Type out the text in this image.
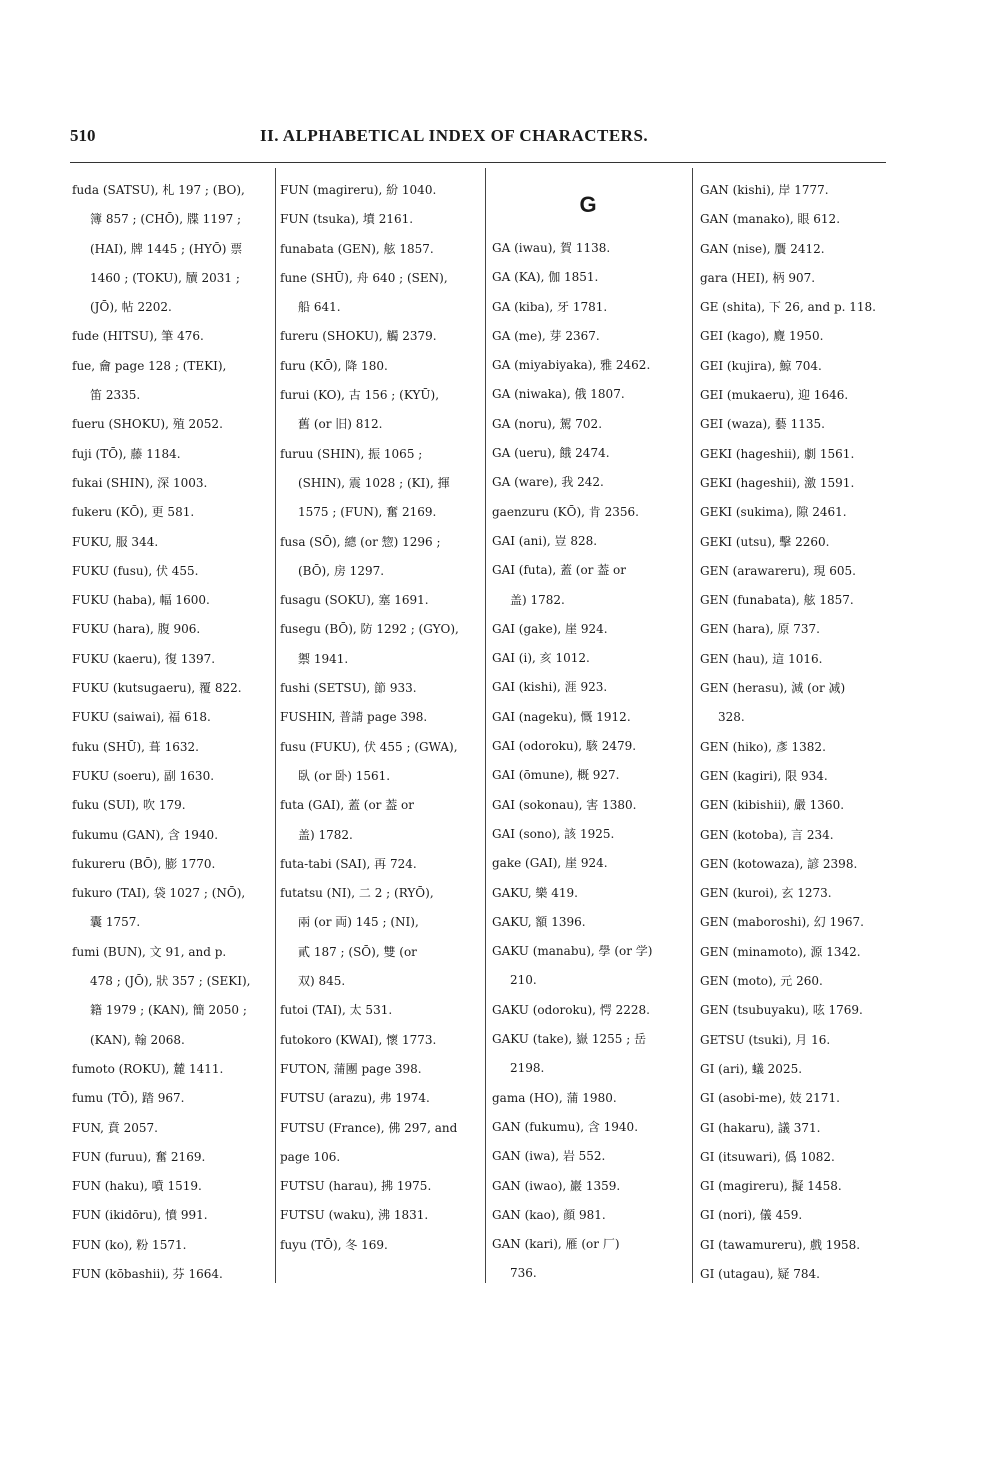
510	II. ALPHABETICAL INDEX OF CHARACTERS.
fuda (SATSU), 札 197 ; (BO),
簿 857 ; (CHŌ), 牒 1197 ;
(HAI), 牌 1445 ; (HYŌ) 票
1460 ; (TOKU), 牘 2031 ;
(JŌ), 帖 2202.
fude (HITSU), 筆 476.
fue, 龠 page 128 ; (TEKI),
笛 2335.
fueru (SHOKU), 殖 2052.
fuji (TŌ), 藤 1184.
fukai (SHIN), 深 1003.
fukeru (KŌ), 更 581.
FUKU, 服 344.
FUKU (fusu), 伏 455.
FUKU (haba), 幅 1600.
FUKU (hara), 腹 906.
FUKU (kaeru), 復 1397.
FUKU (kutsugaeru), 覆 822.
FUKU (saiwai), 福 618.
fuku (SHŪ), 葺 1632.
FUKU (soeru), 副 1630.
fuku (SUI), 吹 179.
fukumu (GAN), 含 1940.
fukureru (BŌ), 膨 1770.
fukuro (TAI), 袋 1027 ; (NŌ),
囊 1757.
fumi (BUN), 文 91, and p.
478 ; (JŌ), 狀 357 ; (SEKI),
籍 1979 ; (KAN), 簡 2050 ;
(KAN), 翰 2068.
fumoto (ROKU), 麓 1411.
fumu (TŌ), 踏 967.
FUN, 賁 2057.
FUN (furuu), 奮 2169.
FUN (haku), 噴 1519.
FUN (ikidōru), 憤 991.
FUN (ko), 粉 1571.
FUN (kōbashii), 芬 1664.
FUN (magireru), 紛 1040.
FUN (tsuka), 墳 2161.
funabata (GEN), 舷 1857.
fune (SHŪ), 舟 640 ; (SEN),
船 641.
fureru (SHOKU), 觸 2379.
furu (KŌ), 降 180.
furui (KO), 古 156 ; (KYŪ),
舊 (or 旧) 812.
furuu (SHIN), 振 1065 ;
(SHIN), 震 1028 ; (KI), 揮
1575 ; (FUN), 奮 2169.
fusa (SŌ), 總 (or 惣) 1296 ;
(BŌ), 房 1297.
fusagu (SOKU), 塞 1691.
fusegu (BŌ), 防 1292 ; (GYO),
禦 1941.
fushi (SETSU), 節 933.
FUSHIN, 普請 page 398.
fusu (FUKU), 伏 455 ; (GWA),
臥 (or 卧) 1561.
futa (GAI), 蓋 (or 葢 or
盖) 1782.
futa-tabi (SAI), 再 724.
futatsu (NI), 二 2 ; (RYŌ),
兩 (or 両) 145 ; (NI),
貳 187 ; (SŌ), 雙 (or
双) 845.
futoi (TAI), 太 531.
futokoro (KWAI), 懷 1773.
FUTON, 蒲團 page 398.
FUTSU (arazu), 弗 1974.
FUTSU (France), 佛 297, and
page 106.
FUTSU (harau), 拂 1975.
FUTSU (waku), 沸 1831.
fuyu (TŌ), 冬 169.
G
GA (iwau), 賀 1138.
GA (KA), 伽 1851.
GA (kiba), 牙 1781.
GA (me), 芽 2367.
GA (miyabiyaka), 雅 2462.
GA (niwaka), 俄 1807.
GA (noru), 駕 702.
GA (ueru), 餓 2474.
GA (ware), 我 242.
gaenzuru (KŌ), 肯 2356.
GAI (ani), 豈 828.
GAI (futa), 蓋 (or 葢 or
盖) 1782.
GAI (gake), 崖 924.
GAI (i), 亥 1012.
GAI (kishi), 涯 923.
GAI (nageku), 慨 1912.
GAI (odoroku), 駭 2479.
GAI (ōmune), 概 927.
GAI (sokonau), 害 1380.
GAI (sono), 該 1925.
gake (GAI), 崖 924.
GAKU, 樂 419.
GAKU, 額 1396.
GAKU (manabu), 學 (or 学)
210.
GAKU (odoroku), 愕 2228.
GAKU (take), 嶽 1255 ; 岳
2198.
gama (HO), 蒲 1980.
GAN (fukumu), 含 1940.
GAN (iwa), 岩 552.
GAN (iwao), 巖 1359.
GAN (kao), 顔 981.
GAN (kari), 雁 (or 厂)
736.
GAN (kishi), 岸 1777.
GAN (manako), 眼 612.
GAN (nise), 贋 2412.
gara (HEI), 柄 907.
GE (shita), 下 26, and p. 118.
GEI (kago), 麑 1950.
GEI (kujira), 鯨 704.
GEI (mukaeru), 迎 1646.
GEI (waza), 藝 1135.
GEKI (hageshii), 劇 1561.
GEKI (hageshii), 激 1591.
GEKI (sukima), 隙 2461.
GEKI (utsu), 擊 2260.
GEN (arawareru), 現 605.
GEN (funabata), 舷 1857.
GEN (hara), 原 737.
GEN (hau), 這 1016.
GEN (herasu), 減 (or 减)
328.
GEN (hiko), 彥 1382.
GEN (kagiri), 限 934.
GEN (kibishii), 嚴 1360.
GEN (kotoba), 言 234.
GEN (kotowaza), 諺 2398.
GEN (kuroi), 玄 1273.
GEN (maboroshi), 幻 1967.
GEN (minamoto), 源 1342.
GEN (moto), 元 260.
GEN (tsubuyaku), 呟 1769.
GETSU (tsuki), 月 16.
GI (ari), 蟻 2025.
GI (asobi-me), 妓 2171.
GI (hakaru), 議 371.
GI (itsuwari), 僞 1082.
GI (magireru), 擬 1458.
GI (nori), 儀 459.
GI (tawamureru), 戲 1958.
GI (utagau), 疑 784.
